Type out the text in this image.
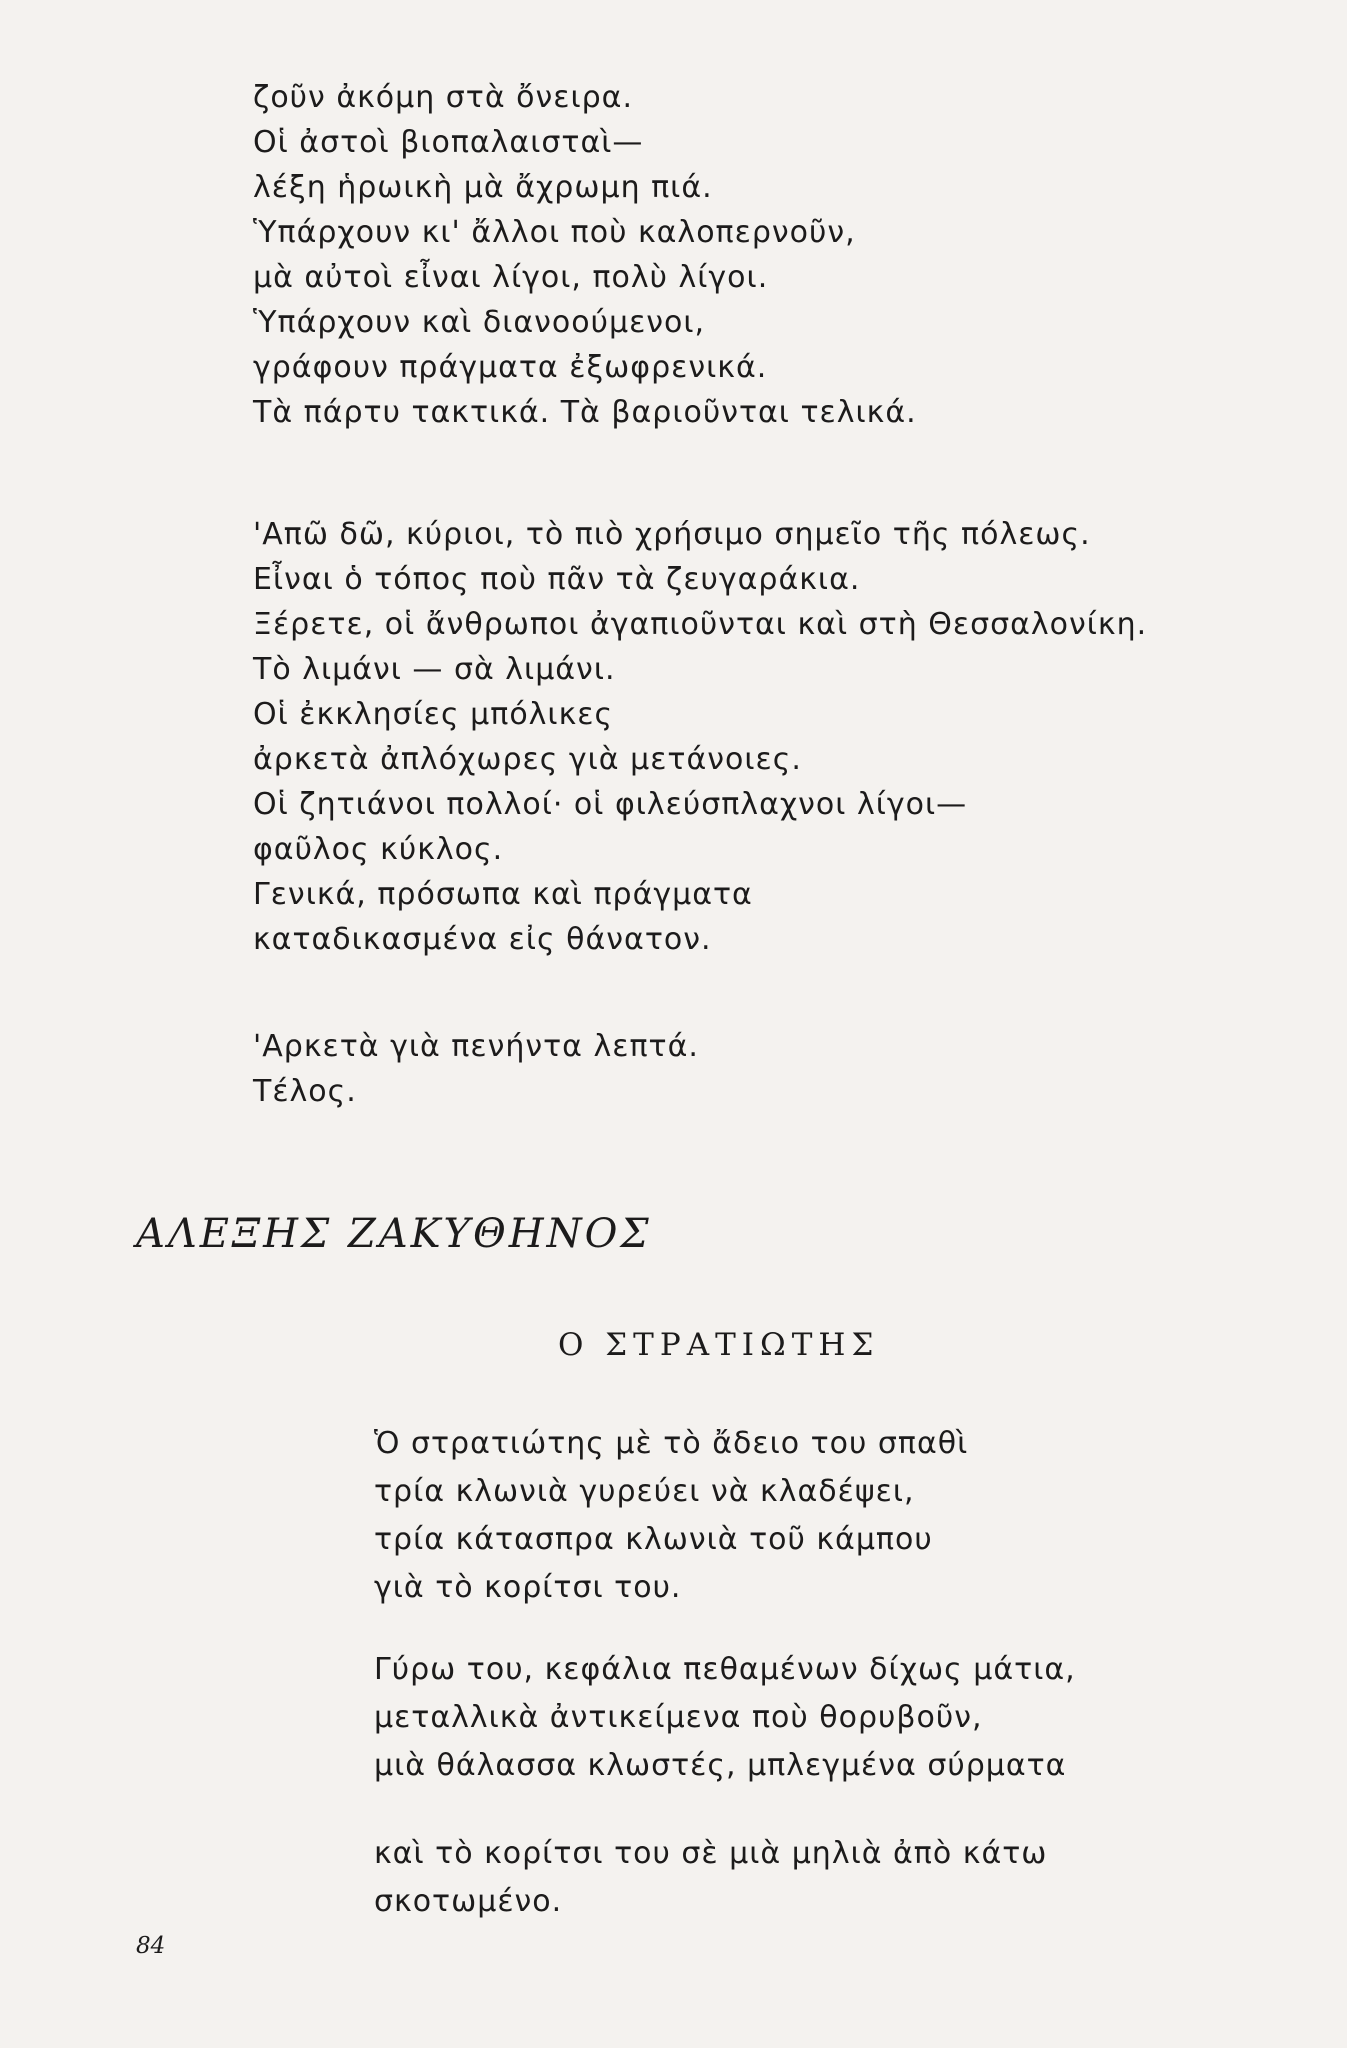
ζοῦν ἀκόμη στὰ ὄνειρα.
Οἱ ἀστοὶ βιοπαλαισταὶ—
λέξη ἡρωικὴ μὰ ἄχρωμη πιά.
Ὑπάρχουν κι' ἄλλοι ποὺ καλοπερνοῦν,
μὰ αὐτοὶ εἶναι λίγοι, πολὺ λίγοι.
Ὑπάρχουν καὶ διανοούμενοι,
γράφουν πράγματα ἐξωφρενικά.
Τὰ πάρτυ τακτικά. Τὰ βαριοῦνται τελικά.
'Απῶ δῶ, κύριοι, τὸ πιὸ χρήσιμο σημεῖο τῆς πόλεως.
Εἶναι ὁ τόπος ποὺ πᾶν τὰ ζευγαράκια.
Ξέρετε, οἱ ἄνθρωποι ἀγαπιοῦνται καὶ στὴ Θεσσαλονίκη.
Τὸ λιμάνι — σὰ λιμάνι.
Οἱ ἐκκλησίες μπόλικες
ἀρκετὰ ἀπλόχωρες γιὰ μετάνοιες.
Οἱ ζητιάνοι πολλοί· οἱ φιλεύσπλαχνοι λίγοι—
φαῦλος κύκλος.
Γενικά, πρόσωπα καὶ πράγματα
καταδικασμένα εἰς θάνατον.
'Αρκετὰ γιὰ πενήντα λεπτά.
Τέλος.
ΑΛΕΞΗΣ ΖΑΚΥΘΗΝΟΣ
Ο ΣΤΡΑΤΙΩΤΗΣ
Ὁ στρατιώτης μὲ τὸ ἄδειο του σπαθὶ
τρία κλωνιὰ γυρεύει νὰ κλαδέψει,
τρία κάτασπρα κλωνιὰ τοῦ κάμπου
γιὰ τὸ κορίτσι του.
Γύρω του, κεφάλια πεθαμένων δίχως μάτια,
μεταλλικὰ ἀντικείμενα ποὺ θορυβοῦν,
μιὰ θάλασσα κλωστές, μπλεγμένα σύρματα
καὶ τὸ κορίτσι του σὲ μιὰ μηλιὰ ἀπὸ κάτω
σκοτωμένο.
84
